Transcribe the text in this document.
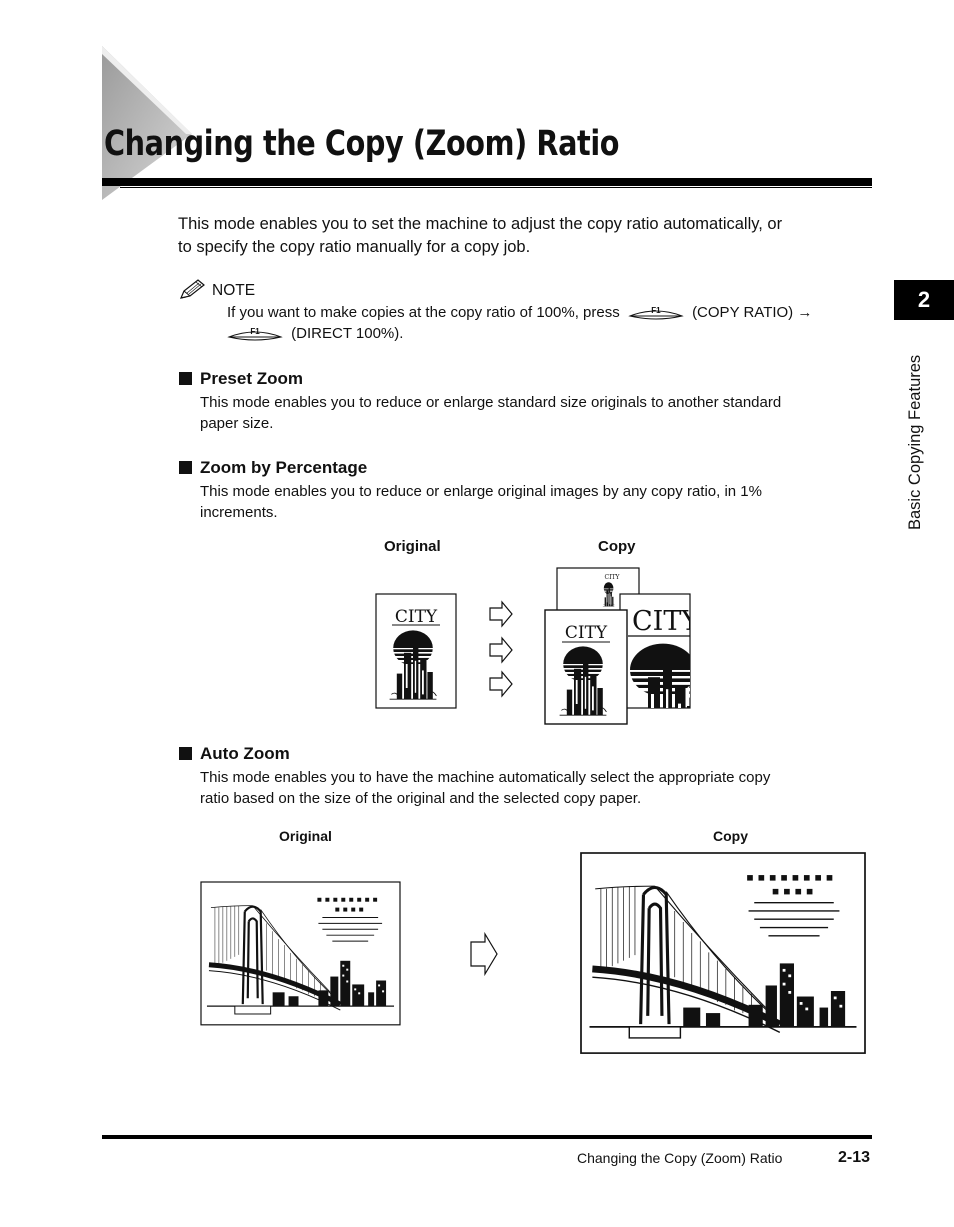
Changing the Copy (Zoom) Ratio
2
Basic Copying Features
This mode enables you to set the machine to adjust the copy ratio automatically, or
to specify the copy ratio manually for a copy job.
NOTE
If you want to make copies at the copy ratio of 100%, press	F1	(COPY RATIO) →
F1	(DIRECT 100%).
Preset Zoom
This mode enables you to reduce or enlarge standard size originals to another standard
paper size.
Zoom by Percentage
This mode enables you to reduce or enlarge original images by any copy ratio, in 1%
increments.
Original	Copy
CITY
CITY
CITY
CITY
Auto Zoom
This mode enables you to have the machine automatically select the appropriate copy
ratio based on the size of the original and the selected copy paper.
Original	Copy
Changing the Copy (Zoom) Ratio	2-13
